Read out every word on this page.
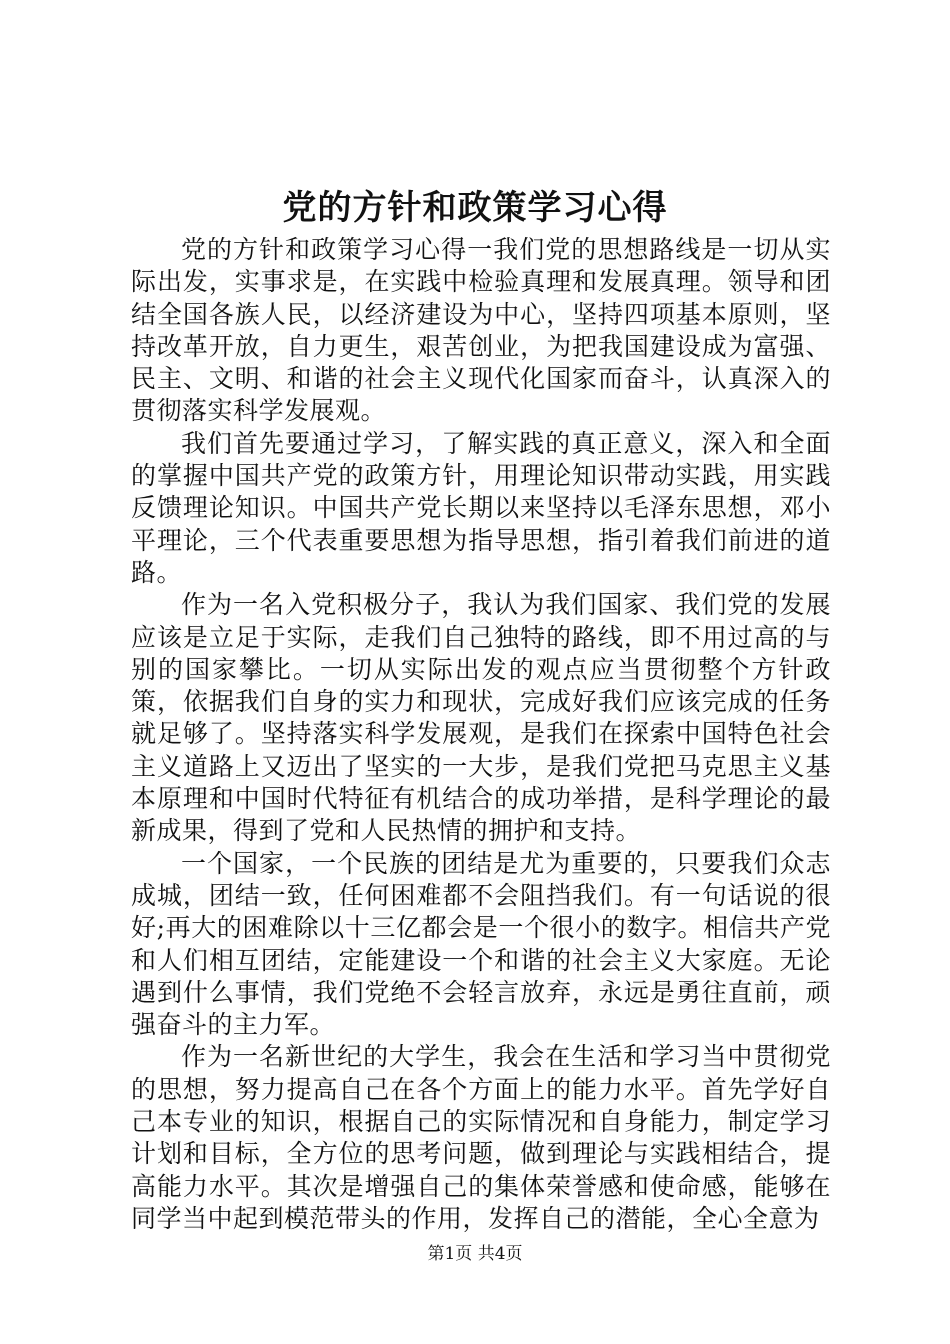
党的方针和政策学习心得

党的方针和政策学习心得一我们党的思想路线是一切从实际出发，实事求是，在实践中检验真理和发展真理。领导和团结全国各族人民，以经济建设为中心，坚持四项基本原则，坚持改革开放，自力更生，艰苦创业，为把我国建设成为富强、民主、文明、和谐的社会主义现代化国家而奋斗，认真深入的贯彻落实科学发展观。

我们首先要通过学习，了解实践的真正意义，深入和全面的掌握中国共产党的政策方针，用理论知识带动实践，用实践反馈理论知识。中国共产党长期以来坚持以毛泽东思想，邓小平理论，三个代表重要思想为指导思想，指引着我们前进的道路。

作为一名入党积极分子，我认为我们国家、我们党的发展应该是立足于实际，走我们自己独特的路线，即不用过高的与别的国家攀比。一切从实际出发的观点应当贯彻整个方针政策，依据我们自身的实力和现状，完成好我们应该完成的任务就足够了。坚持落实科学发展观，是我们在探索中国特色社会主义道路上又迈出了坚实的一大步，是我们党把马克思主义基本原理和中国时代特征有机结合的成功举措，是科学理论的最新成果，得到了党和人民热情的拥护和支持。

一个国家，一个民族的团结是尤为重要的，只要我们众志成城，团结一致，任何困难都不会阻挡我们。有一句话说的很好;再大的困难除以十三亿都会是一个很小的数字。相信共产党和人们相互团结，定能建设一个和谐的社会主义大家庭。无论遇到什么事情，我们党绝不会轻言放弃，永远是勇往直前，顽强奋斗的主力军。

作为一名新世纪的大学生，我会在生活和学习当中贯彻党的思想，努力提高自己在各个方面上的能力水平。首先学好自己本专业的知识，根据自己的实际情况和自身能力，制定学习计划和目标，全方位的思考问题，做到理论与实践相结合，提高能力水平。其次是增强自己的集体荣誉感和使命感，能够在同学当中起到模范带头的作用，发挥自己的潜能，全心全意为

第1页 共4页
